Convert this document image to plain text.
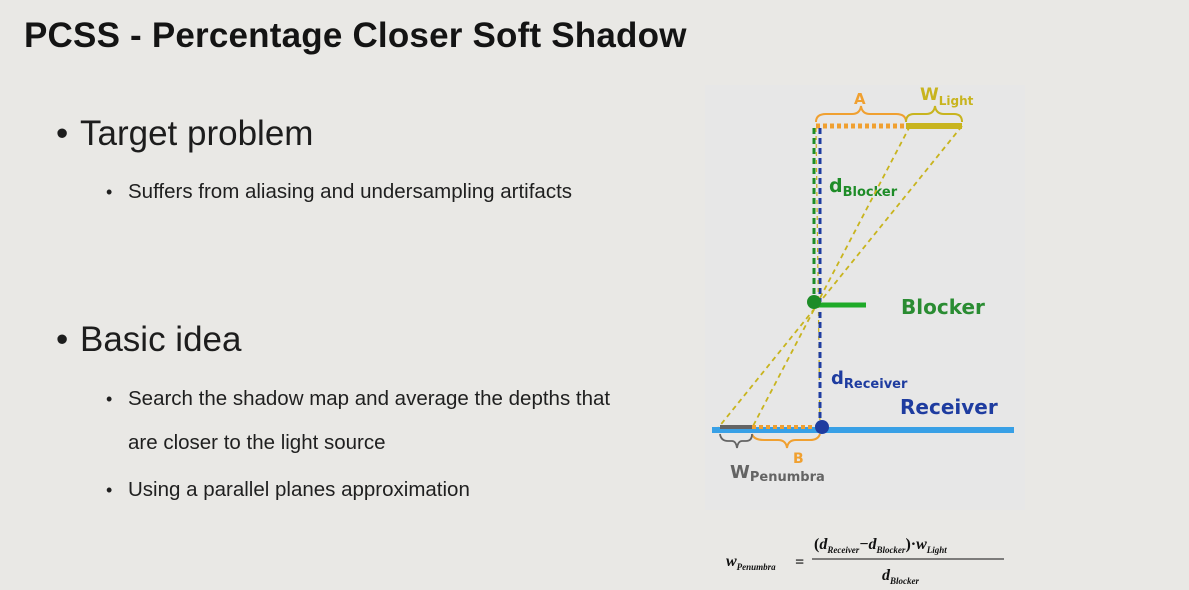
PCSS - Percentage Closer Soft Shadow
• Target problem
• Suffers from aliasing and undersampling artifacts
• Basic idea
• Search the shadow map and average the depths that
are closer to the light source
• Using a parallel planes approximation
A	$W_{Light}$
$d_{Blocker}$
Blocker
$d_{Receiver}$
Receiver
B
WPenumbra
$w_{Penumbra}$ =
$(d_{Receiver}-d_{Blocker})\cdot w_{Light}$
$d_{Blocker}$
